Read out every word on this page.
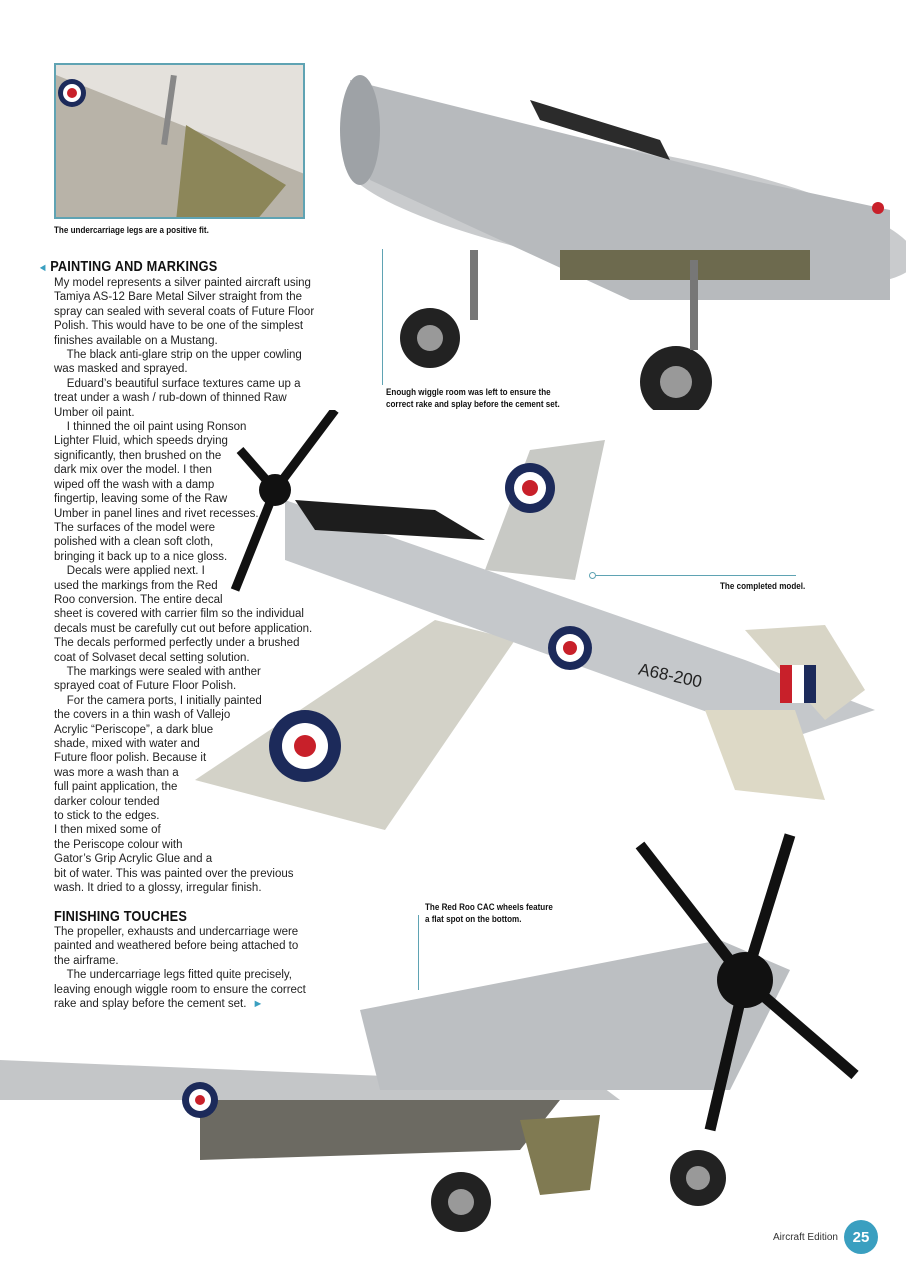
The undercarriage legs are a positive fit.
Enough wiggle room was left to ensure the
correct rake and splay before the cement set.
A68-200
The completed model.
The Red Roo CAC wheels feature
a flat spot on the bottom.
◄ PAINTING AND MARKINGS
My model represents a silver painted aircraft using
Tamiya AS-12 Bare Metal Silver straight from the
spray can sealed with several coats of Future Floor
Polish. This would have to be one of the simplest
finishes available on a Mustang.
The black anti-glare strip on the upper cowling
was masked and sprayed.
Eduard’s beautiful surface textures came up a
treat under a wash / rub-down of thinned Raw
Umber oil paint.
I thinned the oil paint using Ronson
Lighter Fluid, which speeds drying
significantly, then brushed on the
dark mix over the model. I then
wiped off the wash with a damp
fingertip, leaving some of the Raw
Umber in panel lines and rivet recesses.
The surfaces of the model were
polished with a clean soft cloth,
bringing it back up to a nice gloss.
Decals were applied next. I
used the markings from the Red
Roo conversion. The entire decal
sheet is covered with carrier film so the individual
decals must be carefully cut out before application.
The decals performed perfectly under a brushed
coat of Solvaset decal setting solution.
The markings were sealed with anther
sprayed coat of Future Floor Polish.
For the camera ports, I initially painted
the covers in a thin wash of Vallejo
Acrylic “Periscope”, a dark blue
shade, mixed with water and
Future floor polish. Because it
was more a wash than a
full paint application, the
darker colour tended
to stick to the edges.
I then mixed some of
the Periscope colour with
Gator’s Grip Acrylic Glue and a
bit of water. This was painted over the previous
wash. It dried to a glossy, irregular finish.
FINISHING TOUCHES
The propeller, exhausts and undercarriage were
painted and weathered before being attached to
the airframe.
The undercarriage legs fitted quite precisely,
leaving enough wiggle room to ensure the correct
rake and splay before the cement set.  ►
Aircraft Edition 25
